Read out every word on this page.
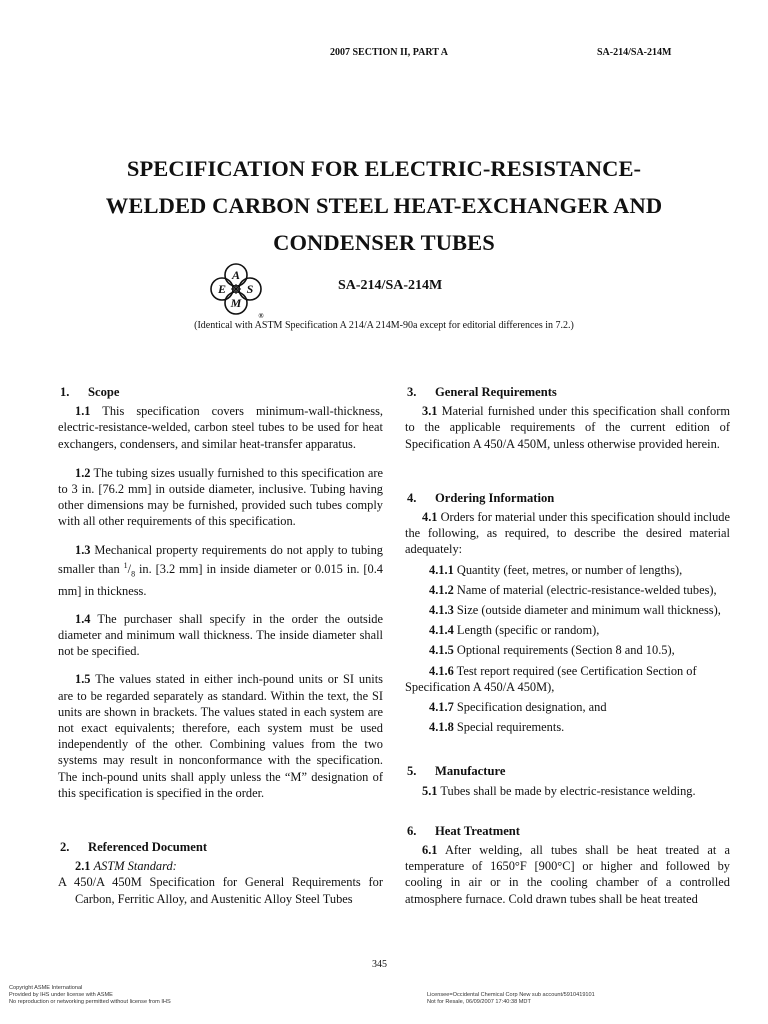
2007 SECTION II, PART A	SA-214/SA-214M
SPECIFICATION FOR ELECTRIC-RESISTANCE-
WELDED CARBON STEEL HEAT-EXCHANGER AND
CONDENSER TUBES
A
E S
M
®
SA-214/SA-214M
(Identical with ASTM Specification A 214/A 214M-90a except for editorial differences in 7.2.)
1. Scope

1.1 This specification covers minimum-wall-thickness, electric-resistance-welded, carbon steel tubes to be used for heat exchangers, condensers, and similar heat-transfer apparatus.

1.2 The tubing sizes usually furnished to this specification are to 3 in. [76.2 mm] in outside diameter, inclusive. Tubing having other dimensions may be furnished, provided such tubes comply with all other requirements of this specification.

1.3 Mechanical property requirements do not apply to tubing smaller than $^1/_8$ in. [3.2 mm] in inside diameter or 0.015 in. [0.4 mm] in thickness.

1.4 The purchaser shall specify in the order the outside diameter and minimum wall thickness. The inside diameter shall not be specified.

1.5 The values stated in either inch-pound units or SI units are to be regarded separately as standard. Within the text, the SI units are shown in brackets. The values stated in each system are not exact equivalents; therefore, each system must be used independently of the other. Combining values from the two systems may result in nonconformance with the specification. The inch-pound units shall apply unless the “M” designation of this specification is specified in the order.

2. Referenced Document

2.1 ASTM Standard:

A 450/A 450M Specification for General Requirements for Carbon, Ferritic Alloy, and Austenitic Alloy Steel Tubes

3. General Requirements

3.1 Material furnished under this specification shall conform to the applicable requirements of the current edition of Specification A 450/A 450M, unless otherwise provided herein.

4. Ordering Information

4.1 Orders for material under this specification should include the following, as required, to describe the desired material adequately:

4.1.1 Quantity (feet, metres, or number of lengths),

4.1.2 Name of material (electric-resistance-welded tubes),

4.1.3 Size (outside diameter and minimum wall thickness),

4.1.4 Length (specific or random),

4.1.5 Optional requirements (Section 8 and 10.5),

4.1.6 Test report required (see Certification Section of Specification A 450/A 450M),

4.1.7 Specification designation, and

4.1.8 Special requirements.

5. Manufacture

5.1 Tubes shall be made by electric-resistance welding.

6. Heat Treatment

6.1 After welding, all tubes shall be heat treated at a temperature of 1650°F [900°C] or higher and followed by cooling in air or in the cooling chamber of a controlled atmosphere furnace. Cold drawn tubes shall be heat treated

345
Copyright ASME International
Provided by IHS under license with ASME
No reproduction or networking permitted without license from IHS
Licensee=Occidental Chemical Corp New sub account/5910419101
Not for Resale, 06/09/2007 17:40:38 MDT
